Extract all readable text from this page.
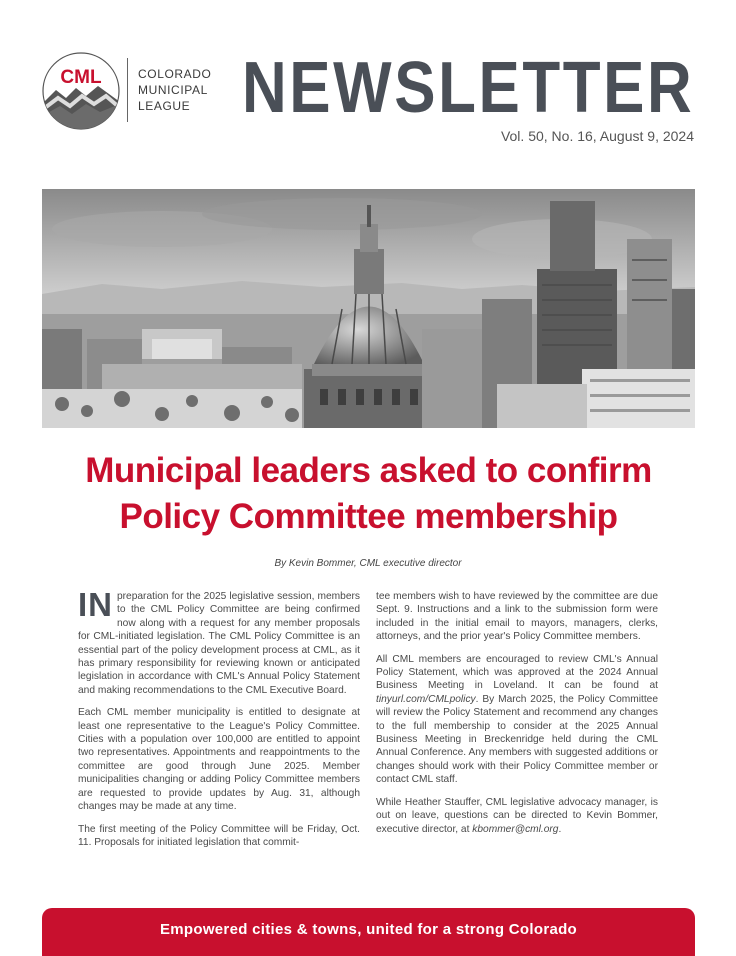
CML	COLORADO
MUNICIPAL
LEAGUE NEWSLETTER
Vol. 50, No. 16, August 9, 2024
Municipal leaders asked to confirm
Policy Committee membership
By Kevin Bommer, CML executive director

IN preparation for the 2025 legislative session, members to the CML Policy Committee are being confirmed now along with a request for any member proposals for CML-initiated legislation. The CML Policy Committee is an essential part of the policy development process at CML, as it has primary responsibility for reviewing known or anticipated legislation in accordance with CML's Annual Policy Statement and making recommendations to the CML Executive Board.

Each CML member municipality is entitled to designate at least one representative to the League's Policy Committee. Cities with a population over 100,000 are entitled to appoint two representatives. Appointments and reappointments to the committee are good through June 2025. Member municipalities changing or adding Policy Committee members are requested to provide updates by Aug. 31, although changes may be made at any time.

The first meeting of the Policy Committee will be Friday, Oct. 11. Proposals for initiated legislation that commit-

tee members wish to have reviewed by the committee are due Sept. 9. Instructions and a link to the submission form were included in the initial email to mayors, managers, clerks, attorneys, and the prior year's Policy Committee members.

All CML members are encouraged to review CML's Annual Policy Statement, which was approved at the 2024 Annual Business Meeting in Loveland. It can be found at tinyurl.com/CMLpolicy. By March 2025, the Policy Committee will review the Policy Statement and recommend any changes to the full membership to consider at the 2025 Annual Business Meeting in Breckenridge held during the CML Annual Conference. Any members with suggested additions or changes should work with their Policy Committee member or contact CML staff.

While Heather Stauffer, CML legislative advocacy manager, is out on leave, questions can be directed to Kevin Bommer, executive director, at kbommer@cml.org.

Empowered cities & towns, united for a strong Colorado
